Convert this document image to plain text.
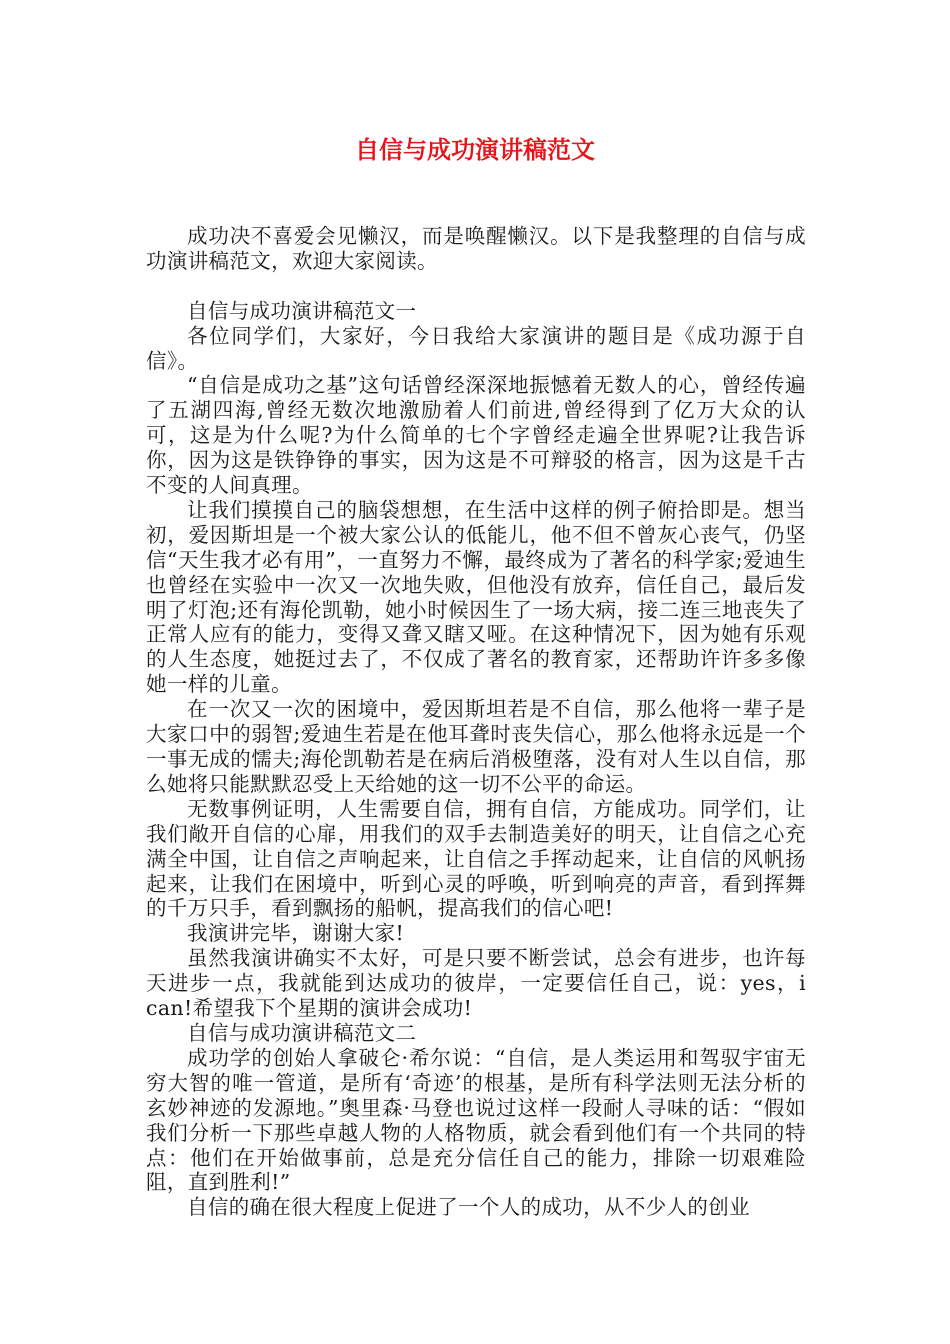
自信与成功演讲稿范文

成功决不喜爱会见懒汉，而是唤醒懒汉。以下是我整理的自信与成功演讲稿范文，欢迎大家阅读。

自信与成功演讲稿范文一

各位同学们，大家好，今日我给大家演讲的题目是《成功源于自信》。

“自信是成功之基”这句话曾经深深地振憾着无数人的心，曾经传遍了五湖四海,曾经无数次地激励着人们前进,曾经得到了亿万大众的认可，这是为什么呢?为什么简单的七个字曾经走遍全世界呢?让我告诉你，因为这是铁铮铮的事实，因为这是不可辩驳的格言，因为这是千古不变的人间真理。

让我们摸摸自己的脑袋想想，在生活中这样的例子俯拾即是。想当初，爱因斯坦是一个被大家公认的低能儿，他不但不曾灰心丧气，仍坚信“天生我才必有用”，一直努力不懈，最终成为了著名的科学家;爱迪生也曾经在实验中一次又一次地失败，但他没有放弃，信任自己，最后发明了灯泡;还有海伦凯勒，她小时候因生了一场大病，接二连三地丧失了正常人应有的能力，变得又聋又瞎又哑。在这种情况下，因为她有乐观的人生态度，她挺过去了，不仅成了著名的教育家，还帮助许许多多像她一样的儿童。

在一次又一次的困境中，爱因斯坦若是不自信，那么他将一辈子是大家口中的弱智;爱迪生若是在他耳聋时丧失信心，那么他将永远是一个一事无成的懦夫;海伦凯勒若是在病后消极堕落，没有对人生以自信，那么她将只能默默忍受上天给她的这一切不公平的命运。

无数事例证明，人生需要自信，拥有自信，方能成功。同学们，让我们敞开自信的心扉，用我们的双手去制造美好的明天，让自信之心充满全中国，让自信之声响起来，让自信之手挥动起来，让自信的风帆扬起来，让我们在困境中，听到心灵的呼唤，听到响亮的声音，看到挥舞的千万只手，看到飘扬的船帆，提高我们的信心吧!

我演讲完毕，谢谢大家!

虽然我演讲确实不太好，可是只要不断尝试，总会有进步，也许每天进步一点，我就能到达成功的彼岸，一定要信任自己，说：yes，i can!希望我下个星期的演讲会成功!

自信与成功演讲稿范文二

成功学的创始人拿破仑·希尔说：“自信，是人类运用和驾驭宇宙无穷大智的唯一管道，是所有‘奇迹’的根基，是所有科学法则无法分析的玄妙神迹的发源地。”奥里森·马登也说过这样一段耐人寻味的话：“假如我们分析一下那些卓越人物的人格物质，就会看到他们有一个共同的特点：他们在开始做事前，总是充分信任自己的能力，排除一切艰难险阻，直到胜利!”

自信的确在很大程度上促进了一个人的成功，从不少人的创业
